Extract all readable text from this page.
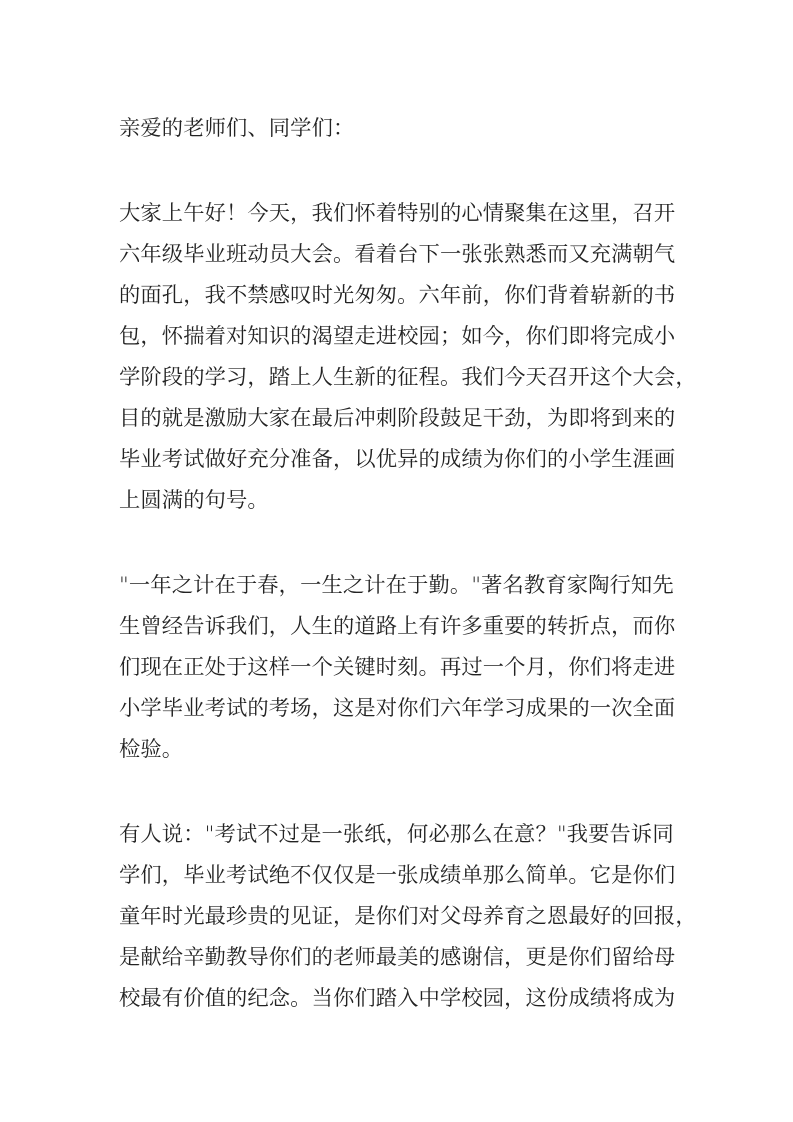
亲爱的老师们、同学们：
大家上午好！今天，我们怀着特别的心情聚集在这里，召开
六年级毕业班动员大会。看着台下一张张熟悉而又充满朝气
的面孔，我不禁感叹时光匆匆。六年前，你们背着崭新的书
包，怀揣着对知识的渴望走进校园；如今，你们即将完成小
学阶段的学习，踏上人生新的征程。我们今天召开这个大会，
目的就是激励大家在最后冲刺阶段鼓足干劲，为即将到来的
毕业考试做好充分准备，以优异的成绩为你们的小学生涯画
上圆满的句号。
"一年之计在于春，一生之计在于勤。"著名教育家陶行知先
生曾经告诉我们，人生的道路上有许多重要的转折点，而你
们现在正处于这样一个关键时刻。再过一个月，你们将走进
小学毕业考试的考场，这是对你们六年学习成果的一次全面
检验。
有人说："考试不过是一张纸，何必那么在意？"我要告诉同
学们，毕业考试绝不仅仅是一张成绩单那么简单。它是你们
童年时光最珍贵的见证，是你们对父母养育之恩最好的回报，
是献给辛勤教导你们的老师最美的感谢信，更是你们留给母
校最有价值的纪念。当你们踏入中学校园，这份成绩将成为
